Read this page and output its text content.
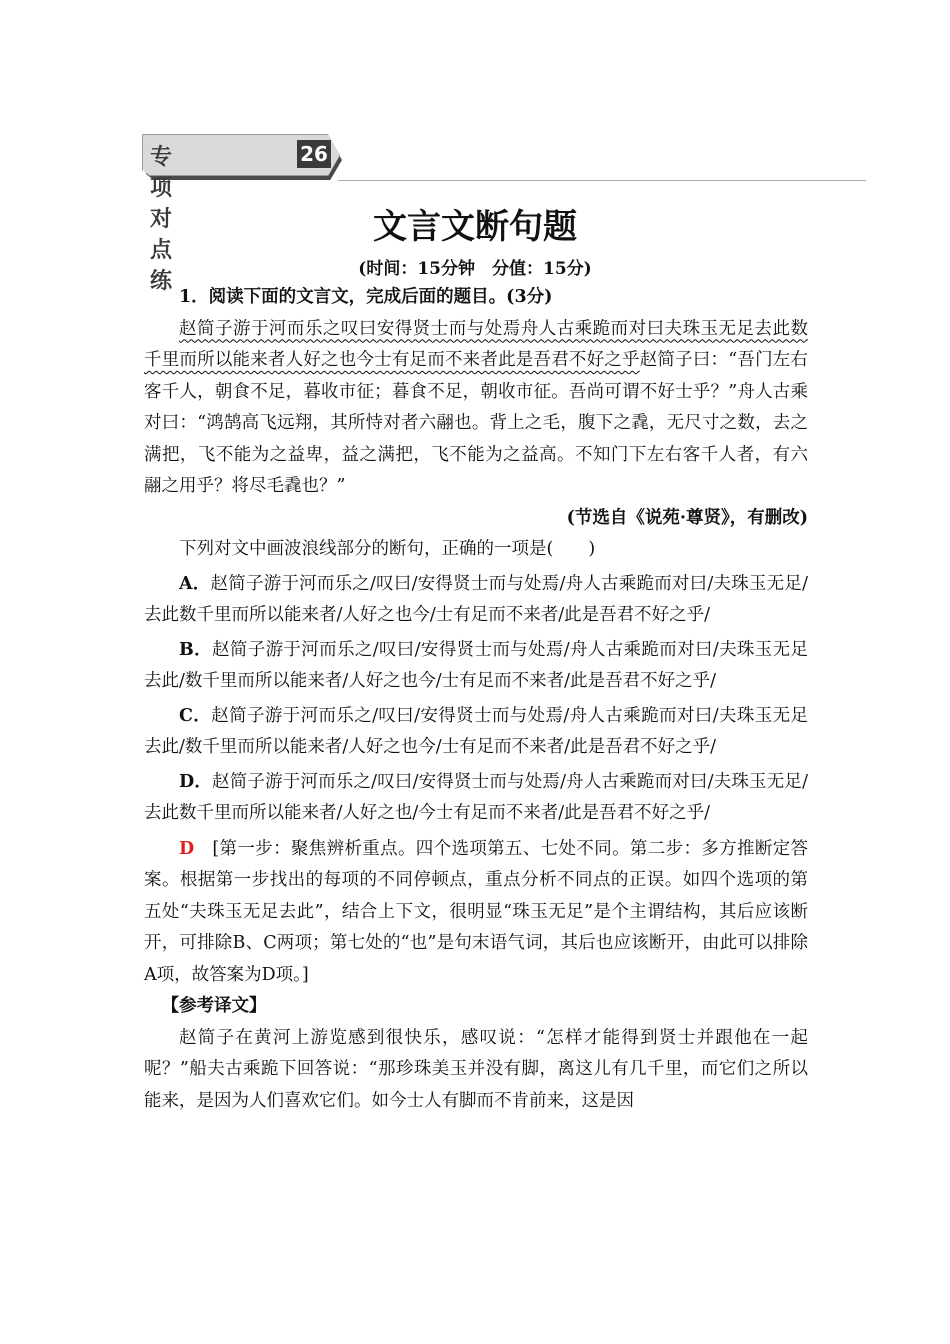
专项对点练
26
文言文断句题
(时间：15分钟　分值：15分)

1．阅读下面的文言文，完成后面的题目。(3分)

赵简子游于河而乐之叹曰安得贤士而与处焉舟人古乘跪而对曰夫珠玉无足去此数千里而所以能来者人好之也今士有足而不来者此是吾君不好之乎赵简子曰：“吾门左右客千人，朝食不足，暮收市征；暮食不足，朝收市征。吾尚可谓不好士乎？”舟人古乘对曰：“鸿鹄高飞远翔，其所恃对者六翮也。背上之毛，腹下之毳，无尺寸之数，去之满把，飞不能为之益卑，益之满把，飞不能为之益高。不知门下左右客千人者，有六翮之用乎？将尽毛毳也？”

(节选自《说苑·尊贤》，有删改)

下列对文中画波浪线部分的断句，正确的一项是(　　)

A．赵简子游于河而乐之/叹曰/安得贤士而与处焉/舟人古乘跪而对曰/夫珠玉无足/去此数千里而所以能来者/人好之也今/士有足而不来者/此是吾君不好之乎/

B．赵简子游于河而乐之/叹曰/安得贤士而与处焉/舟人古乘跪而对曰/夫珠玉无足去此/数千里而所以能来者/人好之也今/士有足而不来者/此是吾君不好之乎/

C．赵简子游于河而乐之/叹曰/安得贤士而与处焉/舟人古乘跪而对曰/夫珠玉无足去此/数千里而所以能来者/人好之也今/士有足而不来者/此是吾君不好之乎/

D．赵简子游于河而乐之/叹曰/安得贤士而与处焉/舟人古乘跪而对曰/夫珠玉无足/去此数千里而所以能来者/人好之也/今士有足而不来者/此是吾君不好之乎/

D　 [第一步：聚焦辨析重点。四个选项第五、七处不同。第二步：多方推断定答案。根据第一步找出的每项的不同停顿点，重点分析不同点的正误。如四个选项的第五处“夫珠玉无足去此”，结合上下文，很明显“珠玉无足”是个主谓结构，其后应该断开，可排除B、C两项；第七处的“也”是句末语气词，其后也应该断开，由此可以排除A项，故答案为D项。]

【参考译文】

赵简子在黄河上游览感到很快乐，感叹说：“怎样才能得到贤士并跟他在一起呢？”船夫古乘跪下回答说：“那珍珠美玉并没有脚，离这儿有几千里，而它们之所以能来，是因为人们喜欢它们。如今士人有脚而不肯前来，这是因
